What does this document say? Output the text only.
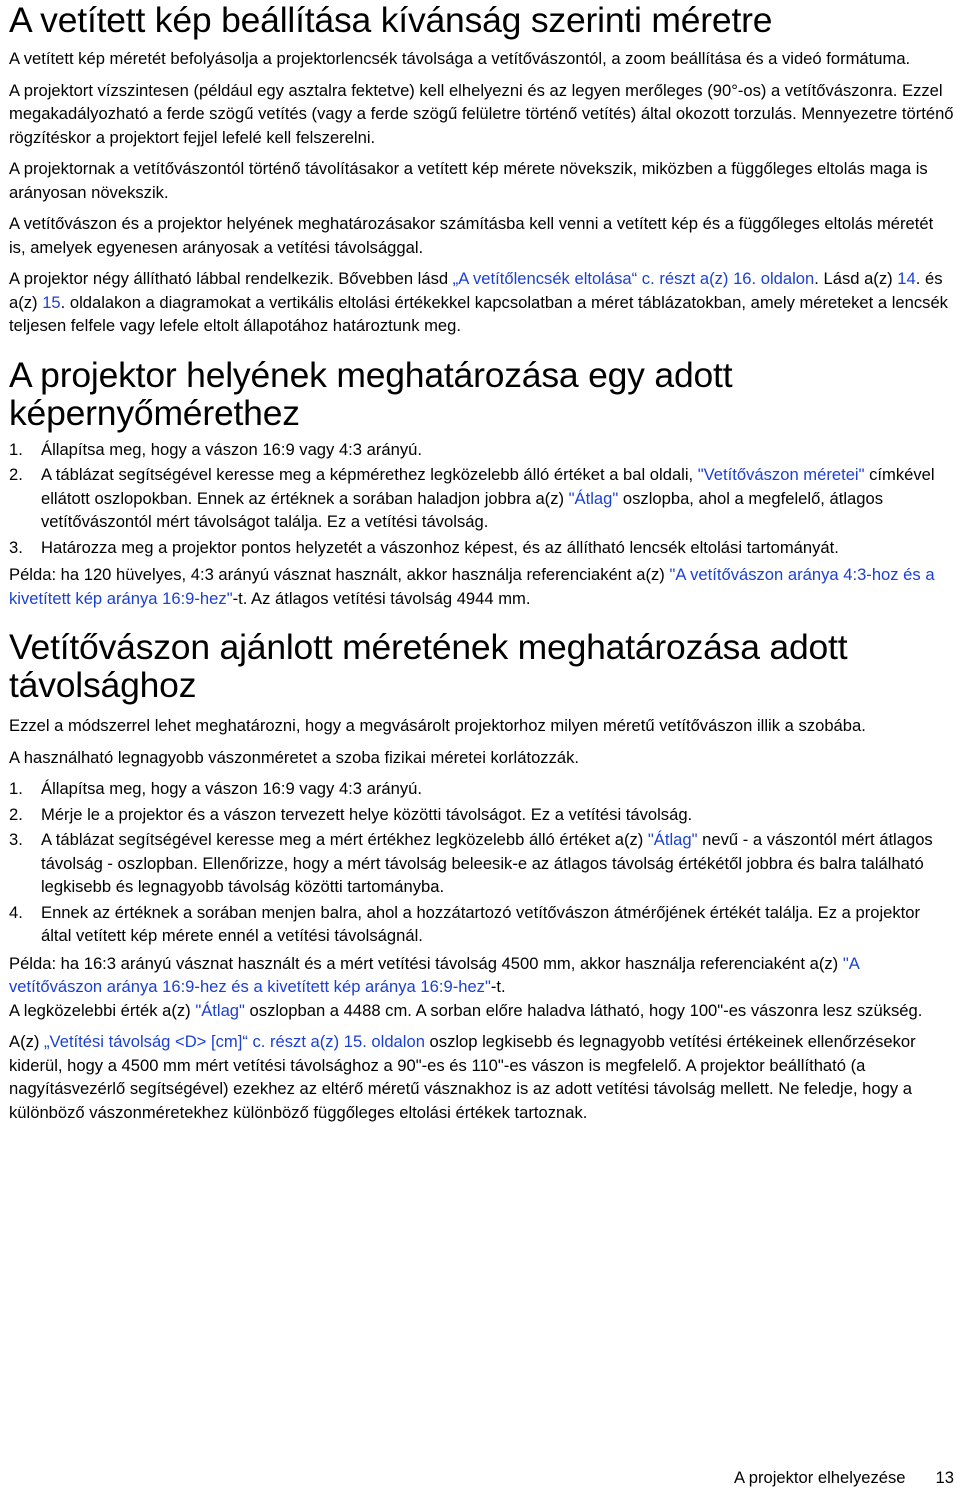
A vetített kép beállítása kívánság szerinti méretre

A vetített kép méretét befolyásolja a projektorlencsék távolsága a vetítővászontól, a zoom beállítása és a videó formátuma.

A projektort vízszintesen (például egy asztalra fektetve) kell elhelyezni és az legyen merőleges (90°-os) a vetítővászonra. Ezzel megakadályozható a ferde szögű vetítés (vagy a ferde szögű felületre történő vetítés) által okozott torzulás. Mennyezetre történő rögzítéskor a projektort fejjel lefelé kell felszerelni.

A projektornak a vetítővászontól történő távolításakor a vetített kép mérete növekszik, miközben a függőleges eltolás maga is arányosan növekszik.

A vetítővászon és a projektor helyének meghatározásakor számításba kell venni a vetített kép és a függőleges eltolás méretét is, amelyek egyenesen arányosak a vetítési távolsággal.

A projektor négy állítható lábbal rendelkezik. Bővebben lásd „A vetítőlencsék eltolása“ c. részt a(z) 16. oldalon. Lásd a(z) 14. és a(z) 15. oldalakon a diagramokat a vertikális eltolási értékekkel kapcsolatban a méret táblázatokban, amely méreteket a lencsék teljesen felfele vagy lefele eltolt állapotához határoztunk meg.

A projektor helyének meghatározása egy adott képernyőmérethez
1. Állapítsa meg, hogy a vászon 16:9 vagy 4:3 arányú.
2. A táblázat segítségével keresse meg a képmérethez legközelebb álló értéket a bal oldali, "Vetítővászon méretei" címkével ellátott oszlopokban. Ennek az értéknek a sorában haladjon jobbra a(z) "Átlag" oszlopba, ahol a megfelelő, átlagos vetítővászontól mért távolságot találja. Ez a vetítési távolság.
3. Határozza meg a projektor pontos helyzetét a vászonhoz képest, és az állítható lencsék eltolási tartományát.

Példa: ha 120 hüvelyes, 4:3 arányú vásznat használt, akkor használja referenciaként a(z) "A vetítővászon aránya 4:3-hoz és a kivetített kép aránya 16:9-hez"-t. Az átlagos vetítési távolság 4944 mm.

Vetítővászon ajánlott méretének meghatározása adott távolsághoz

Ezzel a módszerrel lehet meghatározni, hogy a megvásárolt projektorhoz milyen méretű vetítővászon illik a szobába.

A használható legnagyobb vászonméretet a szoba fizikai méretei korlátozzák.

1. Állapítsa meg, hogy a vászon 16:9 vagy 4:3 arányú.
2. Mérje le a projektor és a vászon tervezett helye közötti távolságot. Ez a vetítési távolság.
3. A táblázat segítségével keresse meg a mért értékhez legközelebb álló értéket a(z) "Átlag" nevű - a vászontól mért átlagos távolság - oszlopban. Ellenőrizze, hogy a mért távolság beleesik-e az átlagos távolság értékétől jobbra és balra található legkisebb és legnagyobb távolság közötti tartományba.
4. Ennek az értéknek a sorában menjen balra, ahol a hozzátartozó vetítővászon átmérőjének értékét találja. Ez a projektor által vetített kép mérete ennél a vetítési távolságnál.

Példa: ha 16:3 arányú vásznat használt és a mért vetítési távolság 4500 mm, akkor használja referenciaként a(z) "A vetítővászon aránya 16:9-hez és a kivetített kép aránya 16:9-hez"-t.

A legközelebbi érték a(z) "Átlag" oszlopban a 4488 cm. A sorban előre haladva látható, hogy 100"-es vászonra lesz szükség.

A(z) „Vetítési távolság <D> [cm]“ c. részt a(z) 15. oldalon oszlop legkisebb és legnagyobb vetítési értékeinek ellenőrzésekor kiderül, hogy a 4500 mm mért vetítési távolsághoz a 90"-es és 110"-es vászon is megfelelő. A projektor beállítható (a nagyításvezérlő segítségével) ezekhez az eltérő méretű vásznakhoz is az adott vetítési távolság mellett. Ne feledje, hogy a különböző vászonméretekhez különböző függőleges eltolási értékek tartoznak.

A projektor elhelyezése 13
